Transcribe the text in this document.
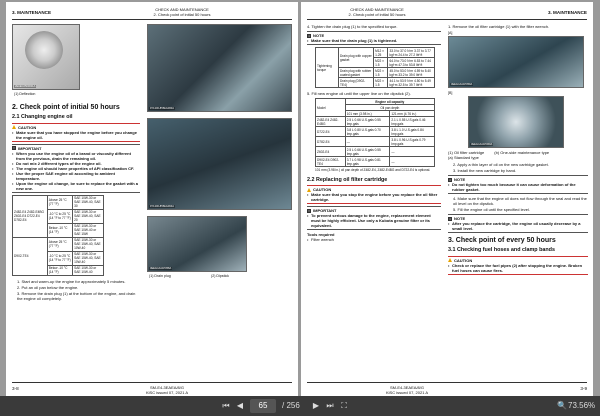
3. MAINTENANCE
CHECK AND MAINTENANCE
2. Check point of initial 50 hours
2EAEC2500001A
(1) Deflection
9Y1200-855EG060A
2. Check point of initial 50 hours
2.1 Changing engine oil
CAUTION
• Make sure that you have stopped the engine before you change the engine oil.
! IMPORTANT
• When you use the engine oil of a brand or viscosity different from the previous, drain the remaining oil.
• Do not mix 2 different types of the engine oil.
• The engine oil should have properties of API classification CF.
• Use the proper SAE engine oil according to ambient temperature.
• Upon the engine oil change, be sure to replace the gasket with a new one.
Z482-E4 Z482-E4BG Z602-E4 D722-E4 D782-E4	Above 25 °C (77 °F)	SAE 10W-30 or SAE 15W-40, SAE 30
	-10 °C to 25 °C (14 °F to 77 °F)	SAE 10W-30 or SAE 15W-40, SAE 20
	Below -10 °C (14 °F)	SAE 10W-30 or SAE 10W-40 or SAE 15W
D902-TE4	Above 25 °C (77 °F)	SAE 10W-30 or SAE 15W-40, SAE 10W-40
	-10 °C to 25 °C (14 °F to 77 °F)	SAE 10W-30 or SAE 15W-40, SAE 10W-40
	Below -10 °C (14 °F)	SAE 10W-30 or SAE 10W-40
1. Start and warm-up the engine for approximately 5 minutes.
2. Put an oil pan below the engine.
3. Remove the drain plug (1) at the bottom of the engine, and drain the engine oil completely.
9Y1200-855EG064A
3EEACAA1P058A
(1) Drain plug	(2) Dipstick
3-8	SM-E4-3EAEA/8/G
KiSC issued 07, 2021 A
CHECK AND MAINTENANCE
2. Check point of initial 50 hours	3. MAINTENANCE
4. Tighten the drain plug (1) to the specified torque.
i NOTE
• Make sure that the drain plug (1) is tightened.
Tightening torque	Drain plug with copper gasket	M12 × 1.25	33.0 to 37.0 N·m 3.37 to 3.77 kgf·m 24.4 to 27.2 lbf·ft
		M22 × 1.5	64.0 to 73.0 N·m 6.53 to 7.44 kgf·m 47.3 to 53.8 lbf·ft
	Drain plug with rubber coated gasket	M22 × 1.5	45.0 to 53.0 N·m 4.59 to 5.40 kgf·m 33.2 to 39.0 lbf·ft
	Drain plug (D902-TE4)	M22 × 1.5	44.1 to 53.9 N·m 4.50 to 5.49 kgf·m 32.5 to 39.7 lbf·ft
5. Fill new engine oil until the upper line on the dipstick (2).
Model	Engine oil capacity	
	Oil pan depth	
	101 mm (3.98 in.)	121 mm (4.76 in.)
Z482-E4 Z482-E4BG	2.5 L 0.66 U.S.gals 0.55 Imp.gals	2.1 L 0.55 U.S.gals 0.46 Imp.gals
D722-E4	3.8 L 0.80 U.S.gals 0.70 Imp.gals	3.8 L 1.0 U.S.gals 0.84 Imp.gals
D782-E4	—	3.8 L 0.96 U.S.gals 0.79 Imp.gals
Z602-E4	2.5 L 0.66 U.S.gals 0.55 Imp.gals	—
D902-E4 D902-TE4	3.7 L 0.98 U.S.gals 0.81 Imp.gals	—
101 mm (3.98 in.) oil pan depth of Z482-E4, Z482-E4BG and D722-E4 is optional.
2.2 Replacing oil filter cartridge
CAUTION
• Make sure that you stop the engine before you replace the oil filter cartridge.
! IMPORTANT
• To prevent serious damage to the engine, replacement element must be highly efficient. Use only a Kubota genuine filter or its equivalent.
Tools required
• Filter wrench
1. Remove the oil filter cartridge (1) with the filter wrench.
[A]
3EEACAA1P059A
[B]
3EEACAA1P060A
(1) Oil filter cartridge	(b) One-side maintenance type
(a) Standard type
2. Apply a thin layer of oil on the new cartridge gasket.
3. Install the new cartridge by hand.
i NOTE
• Do not tighten too much because it can cause deformation of the rubber gasket.
4. Make sure that the engine oil does not flow through the seal and read the oil level on the dipstick.
5. Fill the engine oil until the specified level.
i NOTE
• After you replace the cartridge, the engine oil usually decrease by a small level.
3. Check point of every 50 hours
3.1 Checking fuel hoses and clamp bands
CAUTION
• Check or replace the fuel pipes (2) after stopping the engine. Broken fuel hoses can cause fires.
SM-E4-3EAEA/8/G
KiSC issued 07, 2021 A
3-9
⏮ ◀	65	/ 256	▶ ⏭ ⛶	🔍 73.56%
